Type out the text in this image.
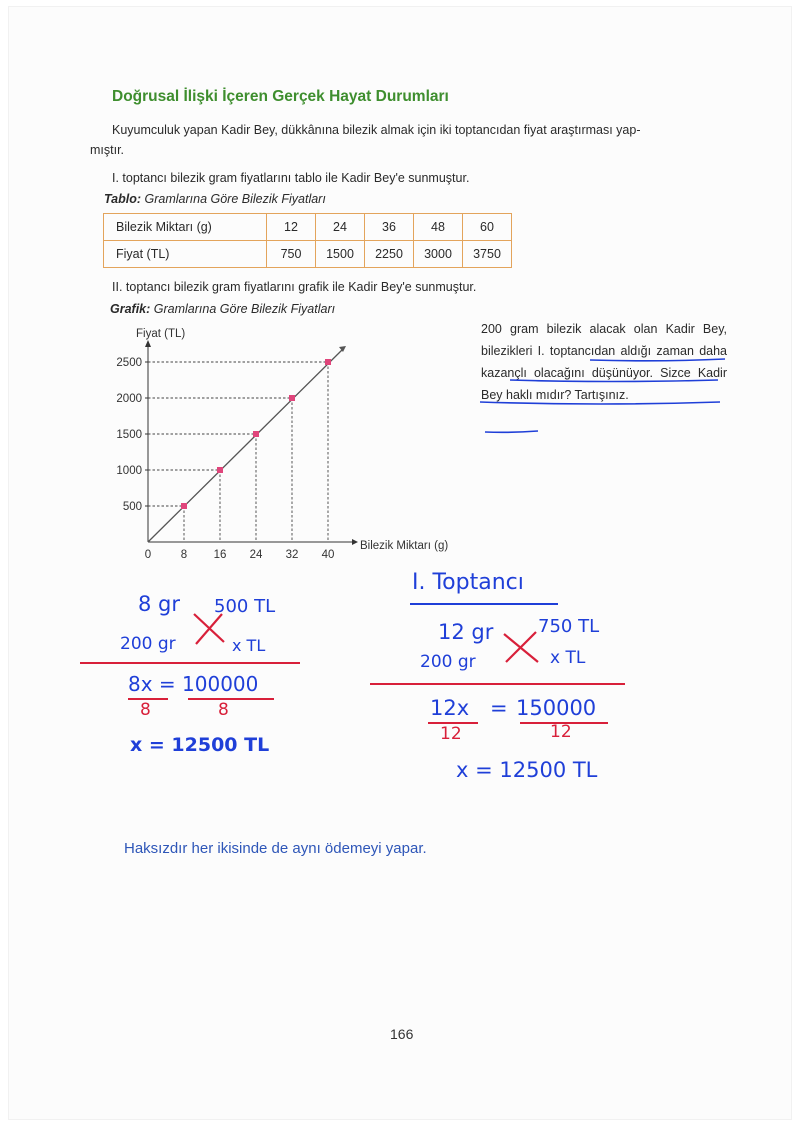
Doğrusal İlişki İçeren Gerçek Hayat Durumları
Kuyumculuk yapan Kadir Bey, dükkânına bilezik almak için iki toptancıdan fiyat araştırması yap-
mıştır.
I. toptancı bilezik gram fiyatlarını tablo ile Kadir Bey'e sunmuştur.
Tablo: Gramlarına Göre Bilezik Fiyatları
Bilezik Miktarı (g)	12	24	36	48	60
Fiyat (TL)	750	1500	2250	3000	3750
II. toptancı bilezik gram fiyatlarını grafik ile Kadir Bey'e sunmuştur.
Grafik: Gramlarına Göre Bilezik Fiyatları
Fiyat (TL)
Bilezik Miktarı (g)
0	8 16 24 32 40
500
1000
1500
2000
2500
200 gram bilezik alacak olan Kadir Bey, bilezikleri I. toptancıdan aldığı zaman daha kazançlı olacağını düşünüyor. Sizce Kadir Bey haklı mıdır? Tartışınız.
8 gr 500 TL
200 gr	x TL
8x = 100000
8	8
x = 12500 TL
I. Toptancı
12 gr 750 TL
200 gr	x TL
12x = 150000
12	12
x = 12500 TL
Haksızdır her ikisinde de aynı ödemeyi yapar.
166
